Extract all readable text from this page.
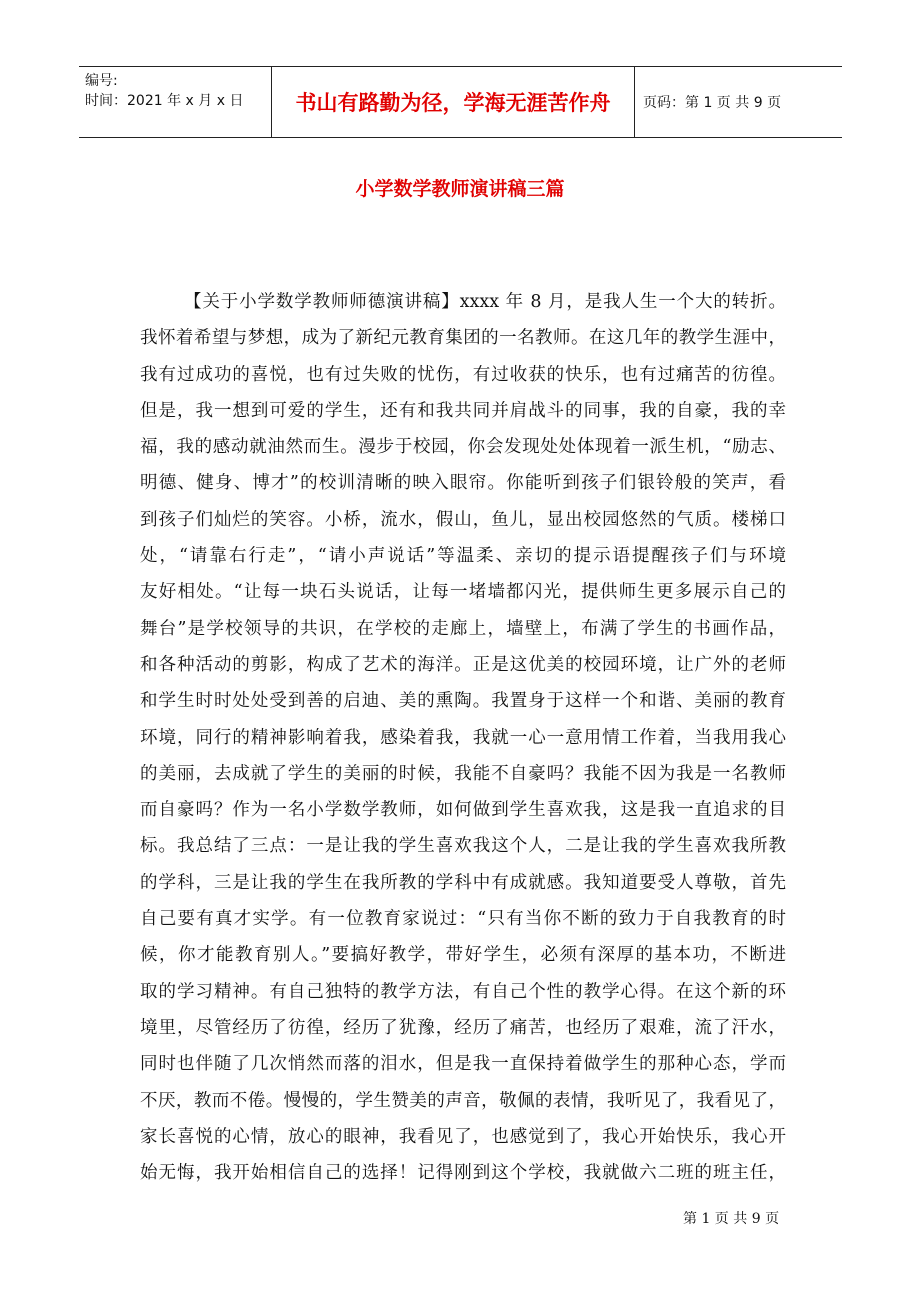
编号:
时间：2021 年 x 月 x 日	书山有路勤为径，学海无涯苦作舟	页码：第 1 页 共 9 页
小学数学教师演讲稿三篇
【关于小学数学教师师德演讲稿】xxxx 年 8 月，是我人生一个大的转折。
我怀着希望与梦想，成为了新纪元教育集团的一名教师。在这几年的教学生涯中，
我有过成功的喜悦，也有过失败的忧伤，有过收获的快乐，也有过痛苦的彷徨。
但是，我一想到可爱的学生，还有和我共同并肩战斗的同事，我的自豪，我的幸
福，我的感动就油然而生。漫步于校园，你会发现处处体现着一派生机，“励志、
明德、健身、博才”的校训清晰的映入眼帘。你能听到孩子们银铃般的笑声，看
到孩子们灿烂的笑容。小桥，流水，假山，鱼儿，显出校园悠然的气质。楼梯口
处，“请靠右行走”，“请小声说话”等温柔、亲切的提示语提醒孩子们与环境
友好相处。“让每一块石头说话，让每一堵墙都闪光，提供师生更多展示自己的
舞台”是学校领导的共识，在学校的走廊上，墙壁上，布满了学生的书画作品，
和各种活动的剪影，构成了艺术的海洋。正是这优美的校园环境，让广外的老师
和学生时时处处受到善的启迪、美的熏陶。我置身于这样一个和谐、美丽的教育
环境，同行的精神影响着我，感染着我，我就一心一意用情工作着，当我用我心
的美丽，去成就了学生的美丽的时候，我能不自豪吗？我能不因为我是一名教师
而自豪吗？作为一名小学数学教师，如何做到学生喜欢我，这是我一直追求的目
标。我总结了三点：一是让我的学生喜欢我这个人，二是让我的学生喜欢我所教
的学科，三是让我的学生在我所教的学科中有成就感。我知道要受人尊敬，首先
自己要有真才实学。有一位教育家说过：“只有当你不断的致力于自我教育的时
候，你才能教育别人。”要搞好教学，带好学生，必须有深厚的基本功，不断进
取的学习精神。有自己独特的教学方法，有自己个性的教学心得。在这个新的环
境里，尽管经历了彷徨，经历了犹豫，经历了痛苦，也经历了艰难，流了汗水，
同时也伴随了几次悄然而落的泪水，但是我一直保持着做学生的那种心态，学而
不厌，教而不倦。慢慢的，学生赞美的声音，敬佩的表情，我听见了，我看见了，
家长喜悦的心情，放心的眼神，我看见了，也感觉到了，我心开始快乐，我心开
始无悔，我开始相信自己的选择！记得刚到这个学校，我就做六二班的班主任，
第 1 页 共 9 页
